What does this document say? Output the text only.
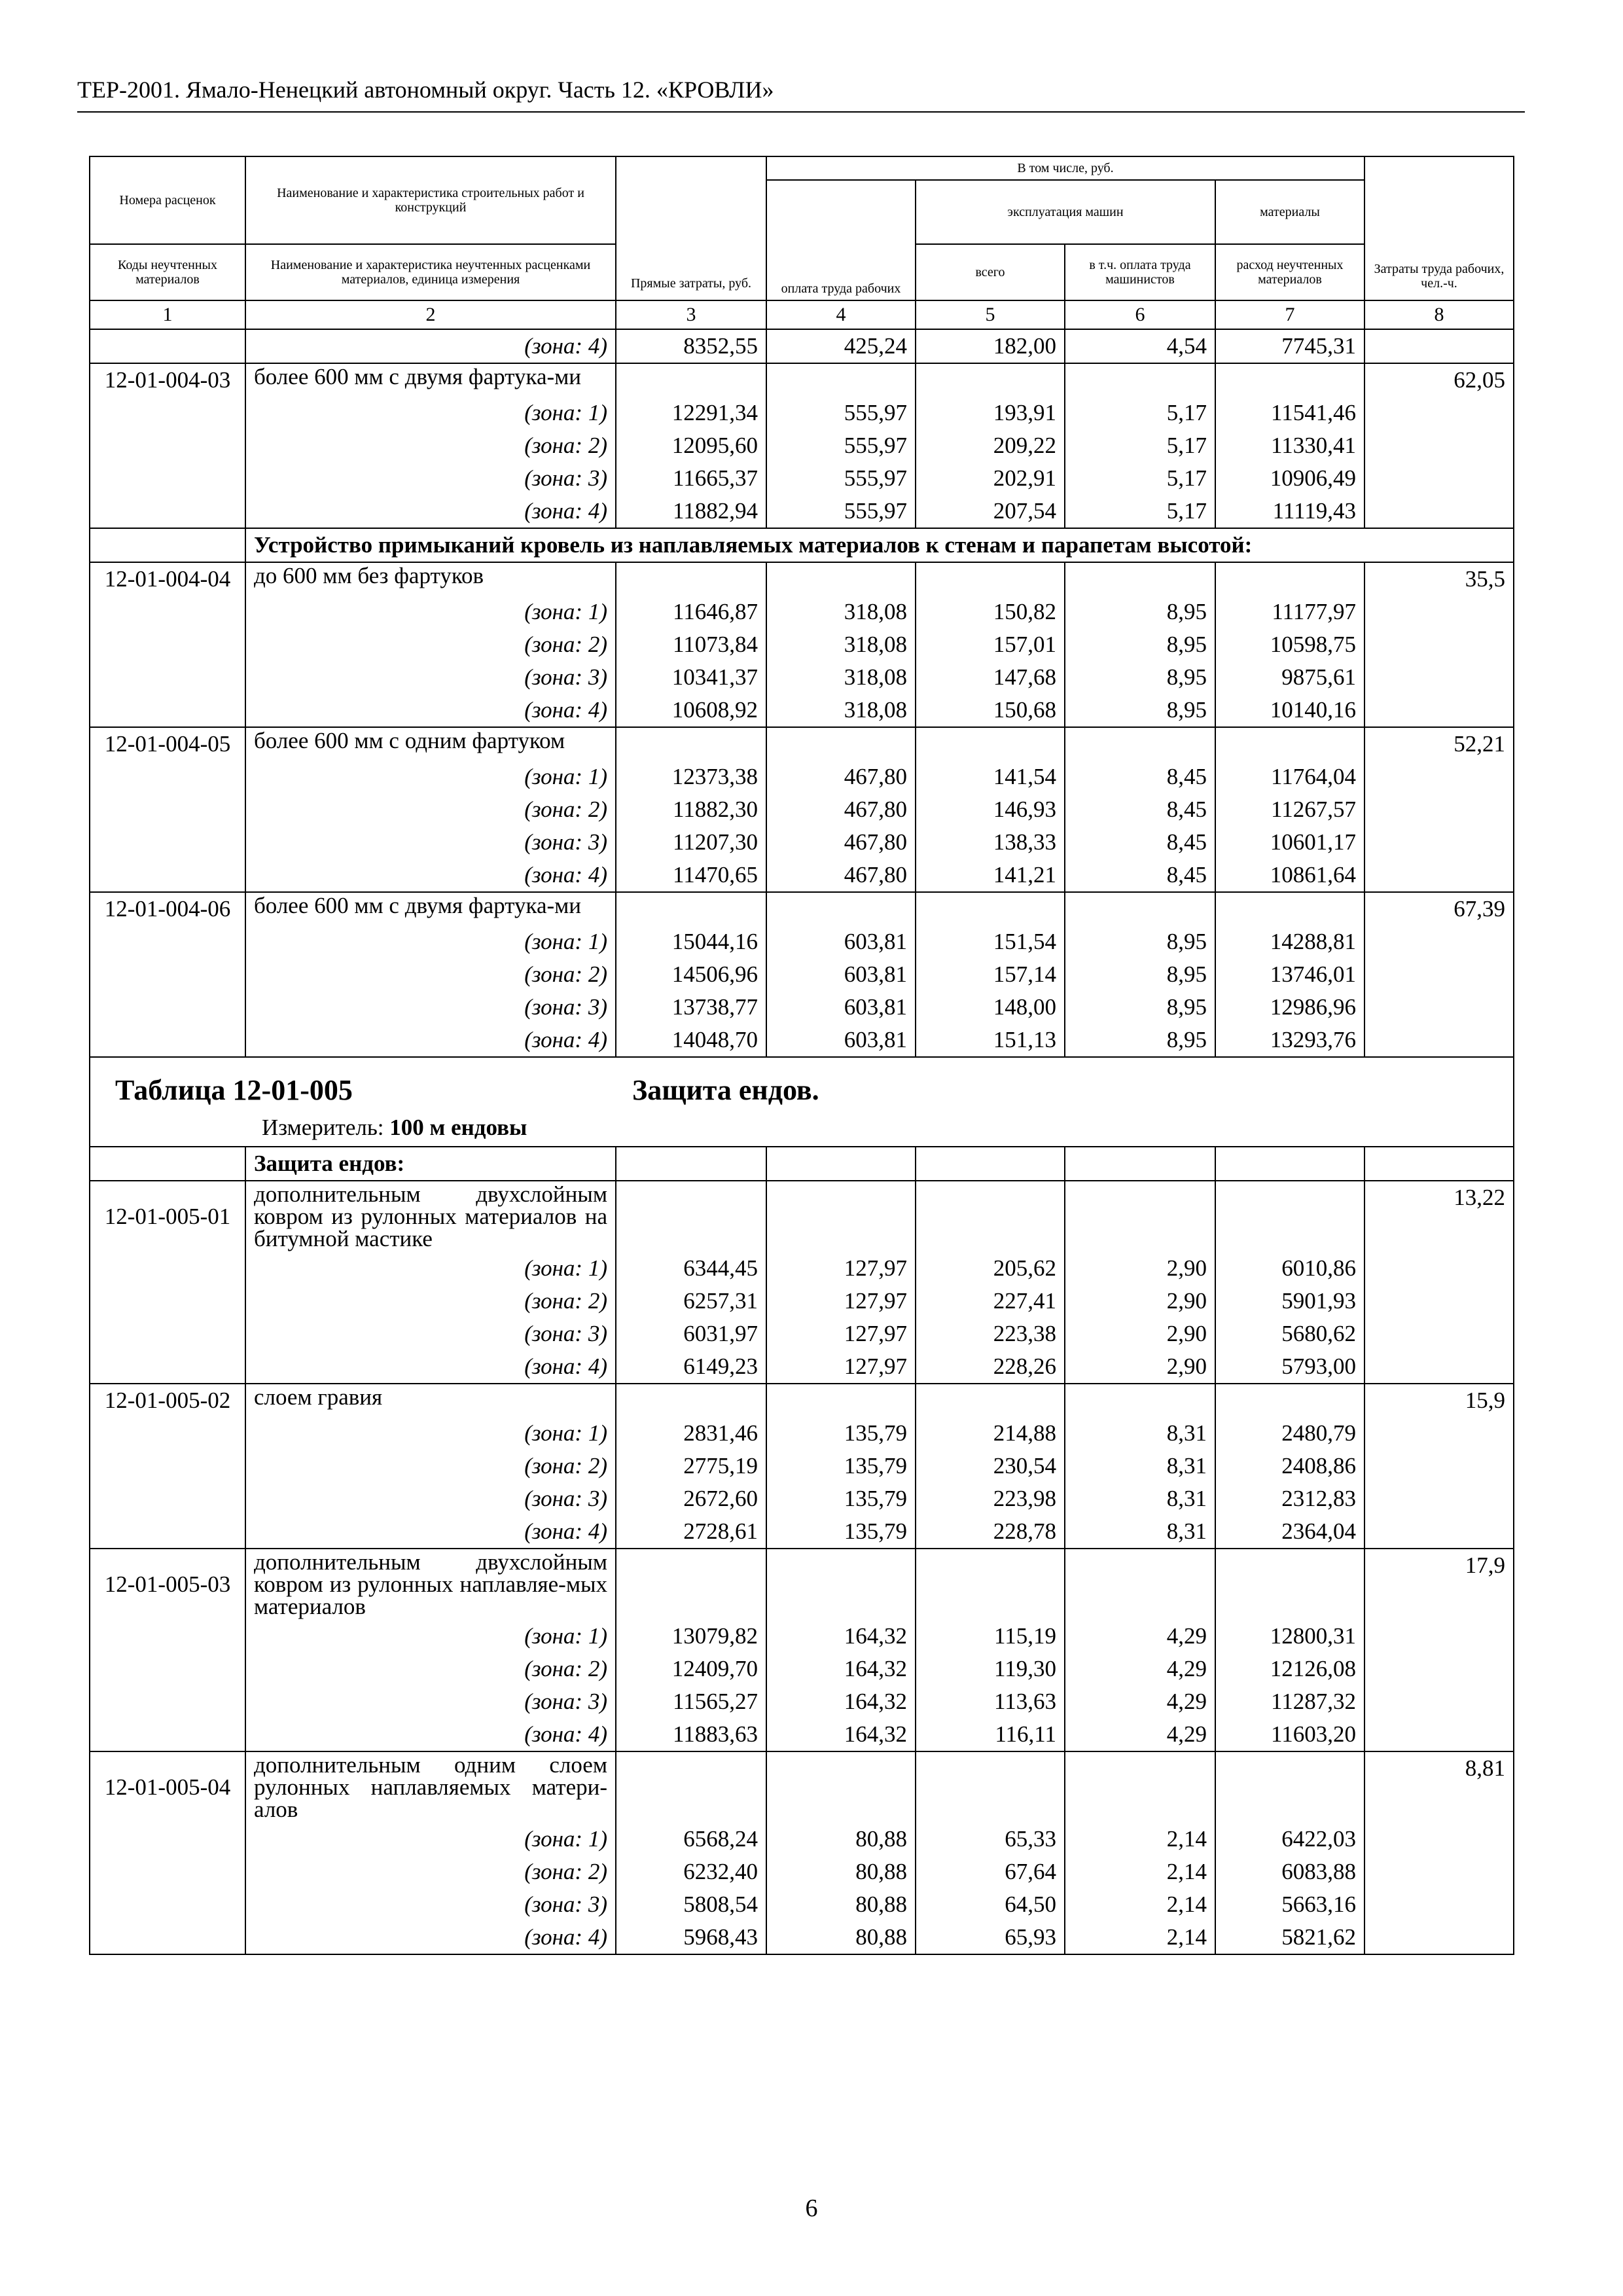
ТЕР-2001. Ямало-Ненецкий автономный округ. Часть 12. «КРОВЛИ»
Номера расценок	Наименование и характеристика строительных работ и конструкций	Прямые затраты, руб.	В том числе, руб.				Затраты труда рабочих, чел.-ч.
			оплата труда рабочих	эксплуатация машин		материалы	
Коды неучтенных материалов	Наименование и характеристика неучтенных расценками материалов, единица измерения			всего	в т.ч. оплата труда машинистов	расход неучтенных материалов	
1	2	3	4	5	6	7	8
	(зона: 4)	8352,55	425,24	182,00	4,54	7745,31	
12-01-004-03	более 600 мм с двумя фартука-ми						62,05
	(зона: 1)	12291,34	555,97	193,91	5,17	11541,46	
	(зона: 2)	12095,60	555,97	209,22	5,17	11330,41	
	(зона: 3)	11665,37	555,97	202,91	5,17	10906,49	
	(зона: 4)	11882,94	555,97	207,54	5,17	11119,43	
	Устройство примыканий кровель из наплавляемых материалов к стенам и парапетам высотой:						
12-01-004-04	до 600 мм без фартуков						35,5
	(зона: 1)	11646,87	318,08	150,82	8,95	11177,97	
	(зона: 2)	11073,84	318,08	157,01	8,95	10598,75	
	(зона: 3)	10341,37	318,08	147,68	8,95	9875,61	
	(зона: 4)	10608,92	318,08	150,68	8,95	10140,16	
12-01-004-05	более 600 мм с одним фартуком						52,21
	(зона: 1)	12373,38	467,80	141,54	8,45	11764,04	
	(зона: 2)	11882,30	467,80	146,93	8,45	11267,57	
	(зона: 3)	11207,30	467,80	138,33	8,45	10601,17	
	(зона: 4)	11470,65	467,80	141,21	8,45	10861,64	
12-01-004-06	более 600 мм с двумя фартука-ми						67,39
	(зона: 1)	15044,16	603,81	151,54	8,95	14288,81	
	(зона: 2)	14506,96	603,81	157,14	8,95	13746,01	
	(зона: 3)	13738,77	603,81	148,00	8,95	12986,96	
	(зона: 4)	14048,70	603,81	151,13	8,95	13293,76	
Таблица 12-01-005 Защита ендов.
Измеритель: 100 м ендовы							

	Защита ендов:						
12-01-005-01	дополнительным двухслойным ковром из рулонных материалов на битумной мастике						13,22
	(зона: 1)	6344,45	127,97	205,62	2,90	6010,86	
	(зона: 2)	6257,31	127,97	227,41	2,90	5901,93	
	(зона: 3)	6031,97	127,97	223,38	2,90	5680,62	
	(зона: 4)	6149,23	127,97	228,26	2,90	5793,00	
12-01-005-02	слоем гравия						15,9
	(зона: 1)	2831,46	135,79	214,88	8,31	2480,79	
	(зона: 2)	2775,19	135,79	230,54	8,31	2408,86	
	(зона: 3)	2672,60	135,79	223,98	8,31	2312,83	
	(зона: 4)	2728,61	135,79	228,78	8,31	2364,04	
12-01-005-03	дополнительным двухслойным ковром из рулонных наплавляе-мых материалов						17,9
	(зона: 1)	13079,82	164,32	115,19	4,29	12800,31	
	(зона: 2)	12409,70	164,32	119,30	4,29	12126,08	
	(зона: 3)	11565,27	164,32	113,63	4,29	11287,32	
	(зона: 4)	11883,63	164,32	116,11	4,29	11603,20	
12-01-005-04	дополнительным одним слоем рулонных наплавляемых матери-алов						8,81
	(зона: 1)	6568,24	80,88	65,33	2,14	6422,03	
	(зона: 2)	6232,40	80,88	67,64	2,14	6083,88	
	(зона: 3)	5808,54	80,88	64,50	2,14	5663,16	
	(зона: 4)	5968,43	80,88	65,93	2,14	5821,62	
6
